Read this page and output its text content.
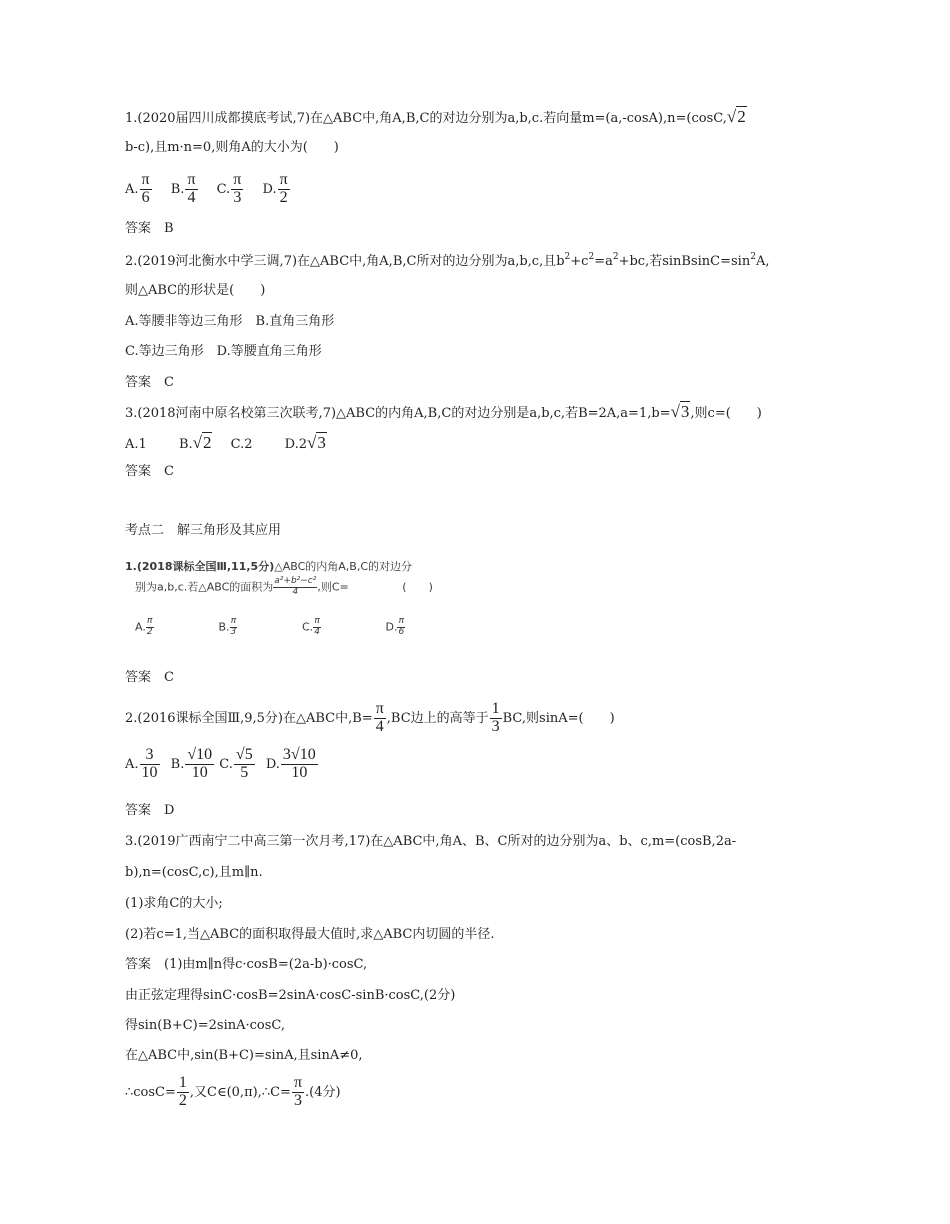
1.(2020届四川成都摸底考试,7)在△ABC中,角A,B,C的对边分别为a,b,c.若向量m=(a,-cosA),n=(cosC,√2
b-c),且m·n=0,则角A的大小为(　　)
A. $\frac{\pi}{6} B$. $\frac{\pi}{4} C$. $\frac{\pi}{3} D$. $\frac{\pi}{2}$
答案　B
2.(2019河北衡水中学三调,7)在△ABC中,角A,B,C所对的边分别为a,b,c,且$b^2+c^2=a^2+bc$,若$sinBsinC=\sin^2A$,
则△ABC的形状是(　　)
A.等腰非等边三角形　B.直角三角形
C.等边三角形　D.等腰直角三角形
答案　C
3.(2018河南中原名校第三次联考,7)△ABC的内角A,B,C的对边分别是a,b,c,若B=2A,a=1,b=√3,则c=(　　)
A.1 B.√2 C.2 D.2√3
答案　C
考点二　解三角形及其应用
1.(2018课标全国Ⅲ,11,5分)△ABC的内角A,B,C的对边分
别为a,b,c.若△ABC的面积为 $\frac{\text{a²+b²−c²}}{4}$ ,则C=	(　　)
A. $\frac{\pi}{2}$	B. $\frac{\pi}{3}$	C. $\frac{\pi}{4}$	D. $\frac{\pi}{6}$
答案　C
2.(2016课标全国Ⅲ,9,5分)在△ABC中$,B= \frac{\pi}{4} ,BC$边上的高等于 $\frac{1}{3}$ BC,则sinA=(　　)
A. $\frac{3}{10} B$. $\frac{√10}{10} C$. $\frac{√5}{5} D$. $\frac{3√10}{10}$
答案　D
3.(2019广西南宁二中高三第一次月考,17)在△ABC中,角A、B、C所对的边分别为a、b、c,m=(cosB,2a-
b),n=(cosC,c),且m∥n.
(1)求角C的大小;
(2)若c=1,当△ABC的面积取得最大值时,求△ABC内切圆的半径.
答案　(1)由m∥n得c·cosB=(2a-b)·cosC,
由正弦定理得sinC·cosB=2sinA·cosC-sinB·cosC,(2分)
得sin(B+C)=2sinA·cosC,
在△ABC中,sin(B+C)=sinA,且sinA≠0,
∴cosC= $\frac{1}{2}$ ,又C∈(0,π),∴C= $\frac{\pi}{3} .(4$分)
